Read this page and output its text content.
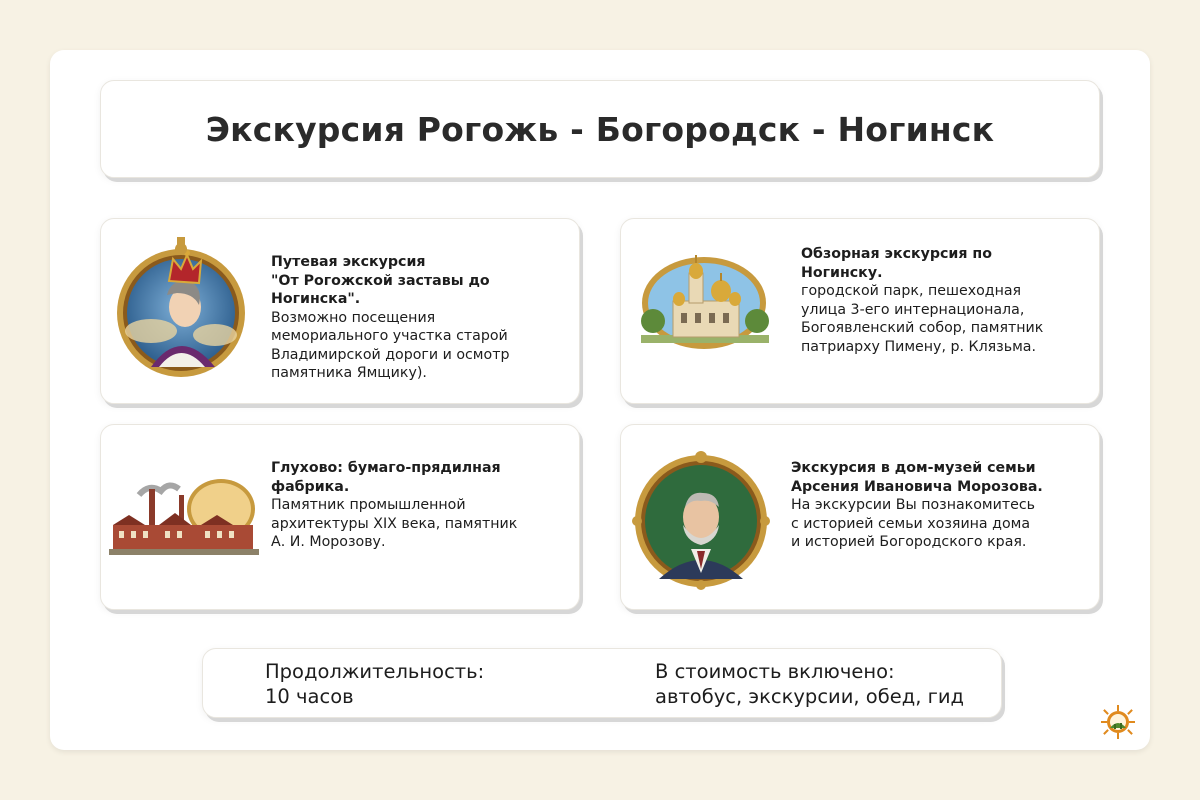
Экскурсия Рогожь - Богородск - Ногинск
Путевая экскурсия
"От Рогожской заставы до
Ногинска".
Возможно посещения
мемориального участка старой
Владимирской дороги и осмотр
памятника Ямщику).
Обзорная экскурсия по
Ногинску.
городской парк, пешеходная
улица 3-его интернационала,
Богоявленский собор, памятник
патриарху Пимену, р. Клязьма.
Глухово: бумаго-прядилная
фабрика.
Памятник промышленной
архитектуры XIX века, памятник
А. И. Морозову.
Экскурсия в дом-музей семьи
Арсения Ивановича Морозова.
На экскурсии Вы познакомитесь
с историей семьи хозяина дома
и историей Богородского края.
Продолжительность:
10 часов
В стоимость включено:
автобус, экскурсии, обед, гид
